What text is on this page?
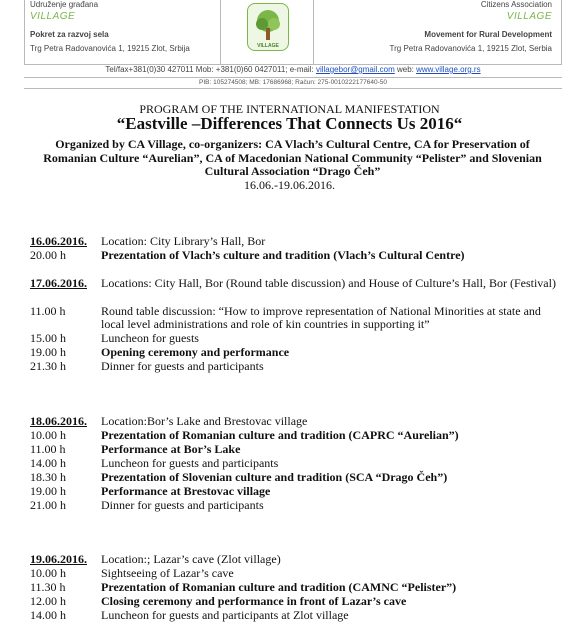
Udruženje građana
VILLAGE
Pokret za razvoj sela
Trg Petra Radovanovića 1, 19215 Zlot, Srbija	VILLAGE
Citizens Association
VILLAGE
Movement for Rural Development
Trg Petra Radovanovića 1, 19215 Zlot, Serbia
Tel/fax+381(0)30 427011 Mob: +381(0)60 0427011; e-mail: villagebor@gmail.com web: www.village.org.rs
PIB: 105274508; MB: 17686968; Račun: 275-0010222177640-50
PROGRAM OF THE INTERNATIONAL MANIFESTATION
“Eastville –Differences That Connects Us 2016“
Organized by CA Village, co-organizers: CA Vlach’s Cultural Centre, CA for Preservation of Romanian Culture “Aurelian”, CA of Macedonian National Community “Pelister” and Slovenian Cultural Association “Drago Čeh”
16.06.-19.06.2016.
16.06.2016.	Location: City Library’s Hall, Bor
20.00 h	Prezentation of Vlach’s culture and tradition (Vlach’s Cultural Centre)
17.06.2016.	Locations: City Hall, Bor (Round table discussion) and House of Culture’s Hall, Bor (Festival)
11.00 h	Round table discussion: “How to improve representation of National Minorities at state and local level administrations and role of kin countries in supporting it”
15.00 h	Luncheon for guests
19.00 h	Opening ceremony and performance
21.30 h	Dinner for guests and participants
18.06.2016.	Location:Bor’s Lake and Brestovac village
10.00 h	Prezentation of Romanian culture and tradition (CAPRC “Aurelian”)
11.00 h	Performance at Bor’s Lake
14.00 h	Luncheon for guests and participants
18.30 h	Prezentation of Slovenian culture and tradition (SCA “Drago Čeh”)
19.00 h	Performance at Brestovac village
21.00 h	Dinner for guests and participants
19.06.2016.	Location:; Lazar’s cave (Zlot village)
10.00 h	Sightseeing of Lazar’s cave
11.30 h	Prezentation of Romanian culture and tradition (CAMNC “Pelister”)
12.00 h	Closing ceremony and performance in front of Lazar’s cave
14.00 h	Luncheon for guests and participants at Zlot village
